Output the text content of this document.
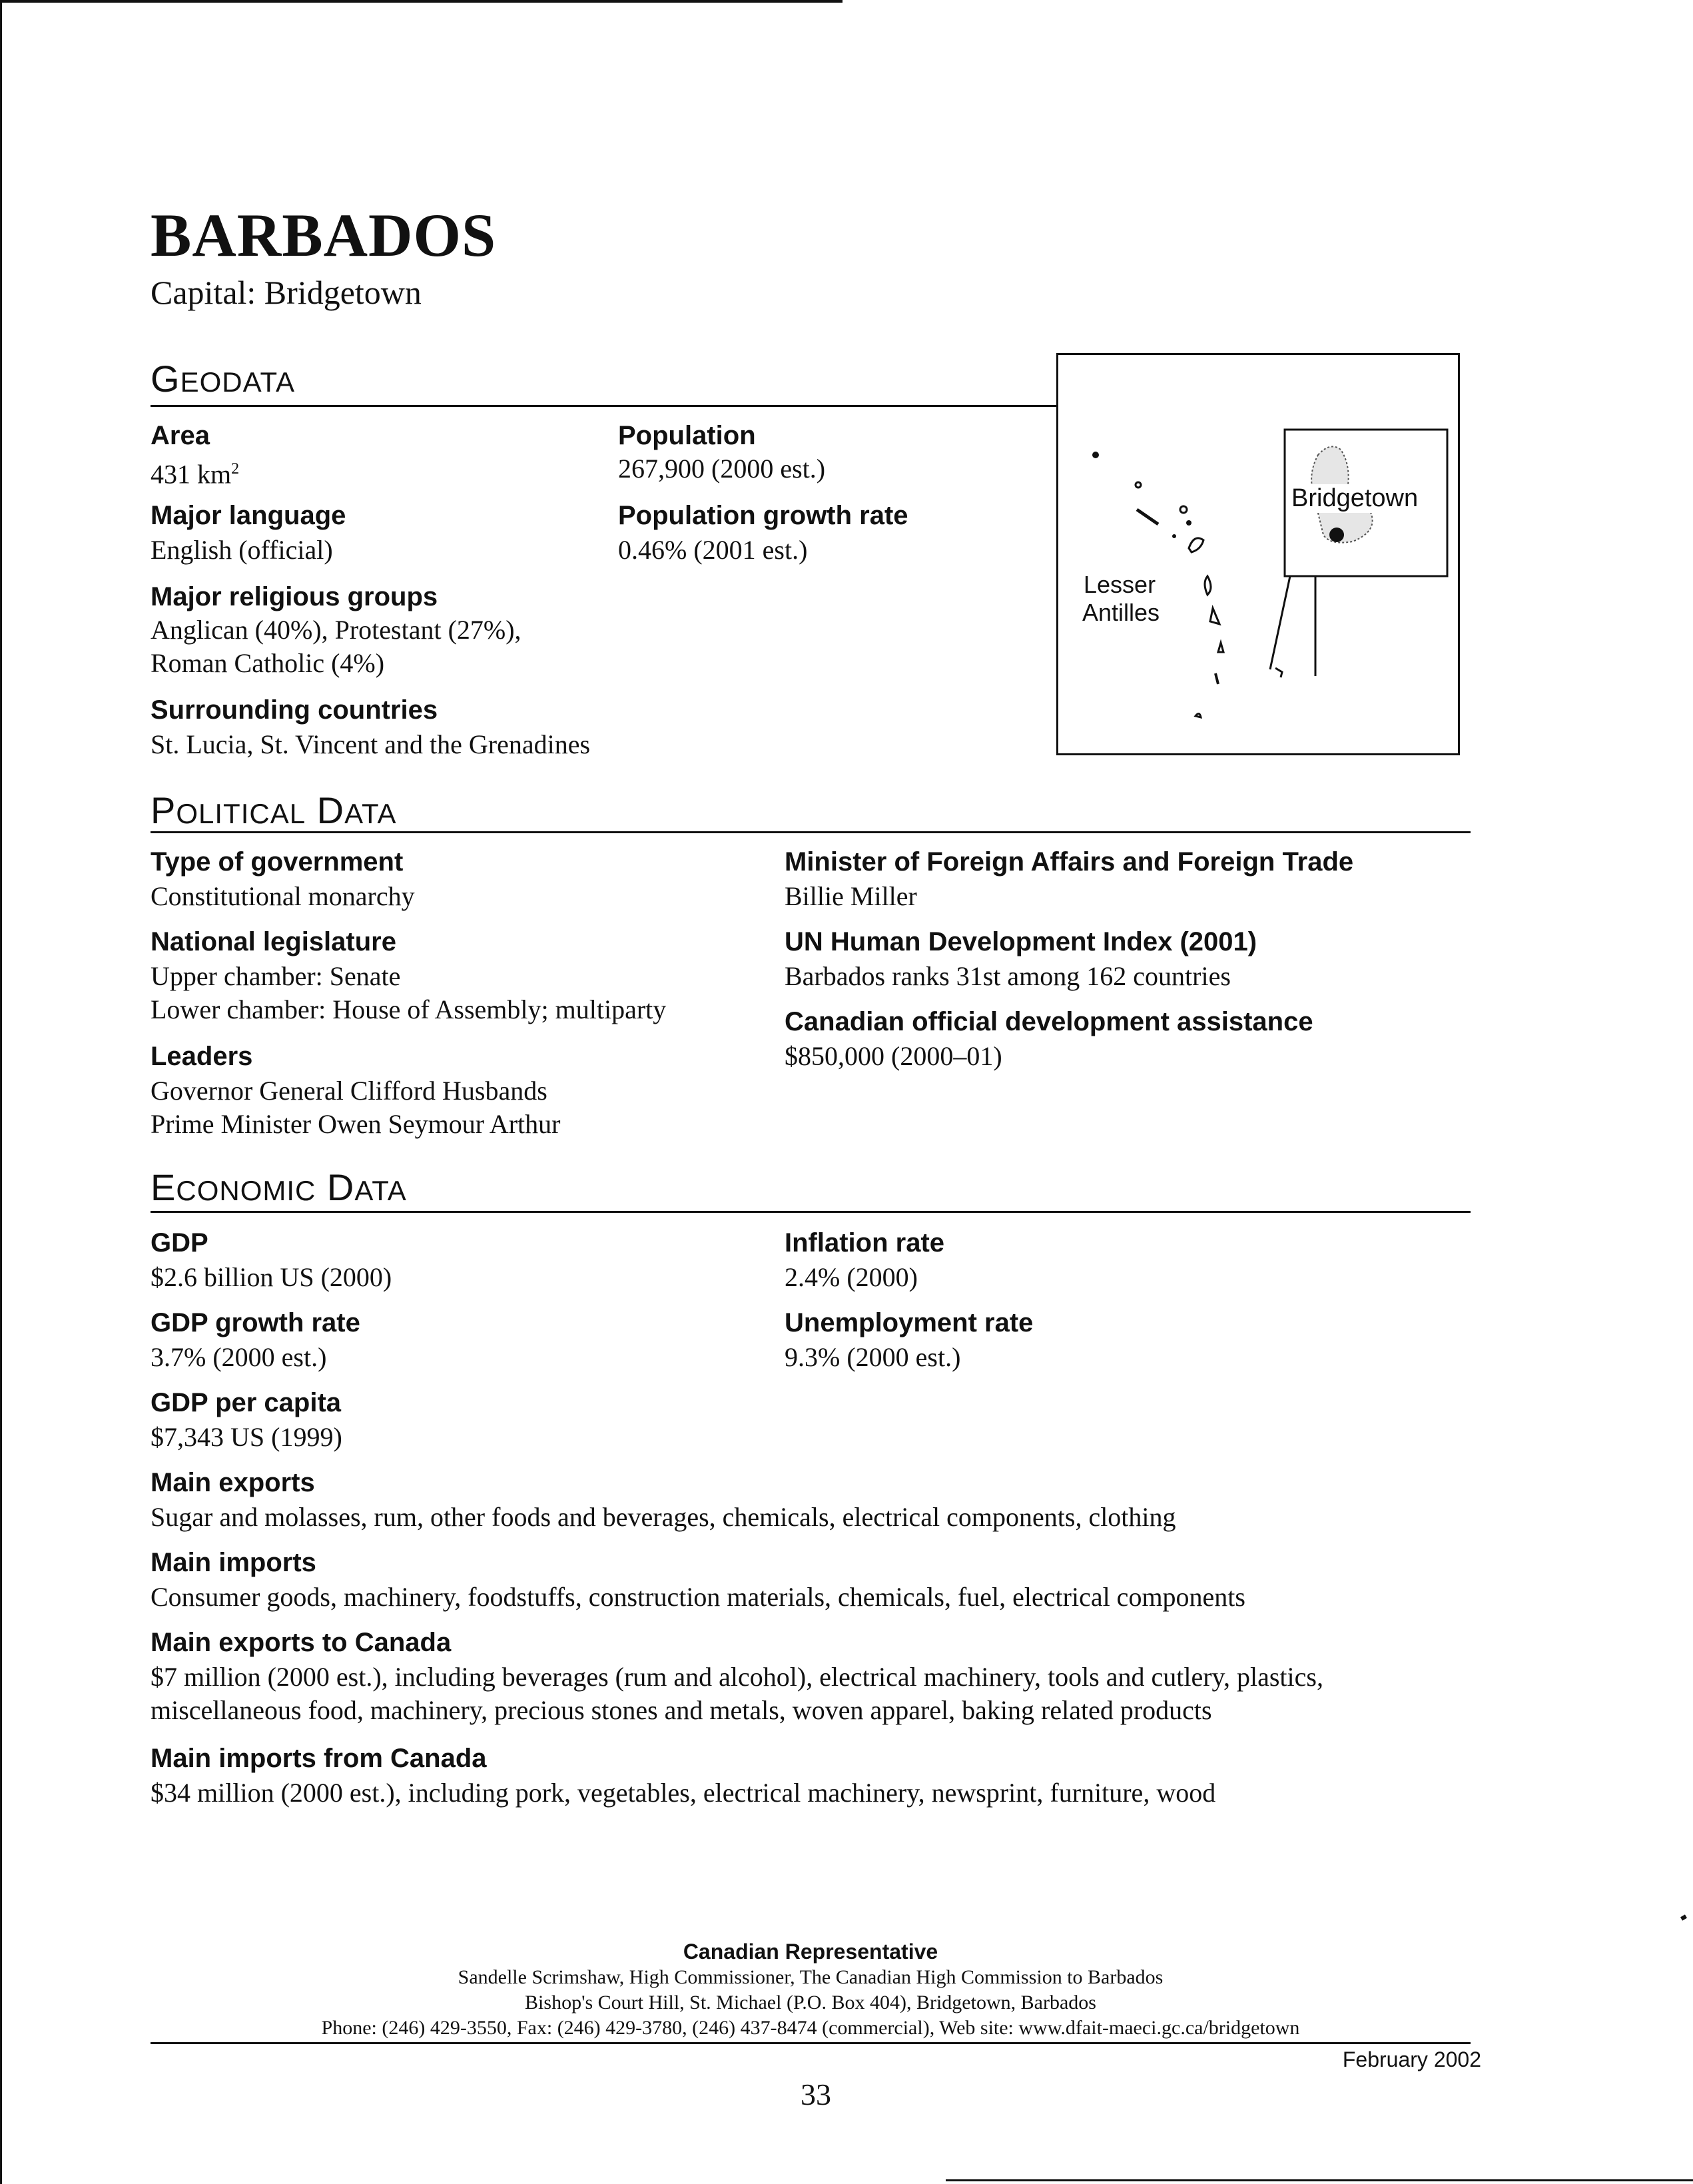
BARBADOS
Capital: Bridgetown
GEODATA
Area
431 $km^2$
Major language
English (official)
Major religious groups
Anglican (40%), Protestant (27%),
Roman Catholic (4%)
Surrounding countries
St. Lucia, St. Vincent and the Grenadines
Population
267,900 (2000 est.)
Population growth rate
0.46% (2001 est.)
Lesser
Antilles
Bridgetown
POLITICAL DATA
Type of government
Constitutional monarchy
National legislature
Upper chamber: Senate
Lower chamber: House of Assembly; multiparty
Leaders
Governor General Clifford Husbands
Prime Minister Owen Seymour Arthur
Minister of Foreign Affairs and Foreign Trade
Billie Miller
UN Human Development Index (2001)
Barbados ranks 31st among 162 countries
Canadian official development assistance
$850,000 (2000–01)
ECONOMIC DATA
GDP
$2.6 billion US (2000)
GDP growth rate
3.7% (2000 est.)
GDP per capita
$7,343 US (1999)
Inflation rate
2.4% (2000)
Unemployment rate
9.3% (2000 est.)
Main exports
Sugar and molasses, rum, other foods and beverages, chemicals, electrical components, clothing
Main imports
Consumer goods, machinery, foodstuffs, construction materials, chemicals, fuel, electrical components
Main exports to Canada
$7 million (2000 est.), including beverages (rum and alcohol), electrical machinery, tools and cutlery, plastics,
miscellaneous food, machinery, precious stones and metals, woven apparel, baking related products
Main imports from Canada
$34 million (2000 est.), including pork, vegetables, electrical machinery, newsprint, furniture, wood
Canadian Representative
Sandelle Scrimshaw, High Commissioner, The Canadian High Commission to Barbados
Bishop's Court Hill, St. Michael (P.O. Box 404), Bridgetown, Barbados
Phone: (246) 429-3550, Fax: (246) 429-3780, (246) 437-8474 (commercial), Web site: www.dfait-maeci.gc.ca/bridgetown
February 2002
33
